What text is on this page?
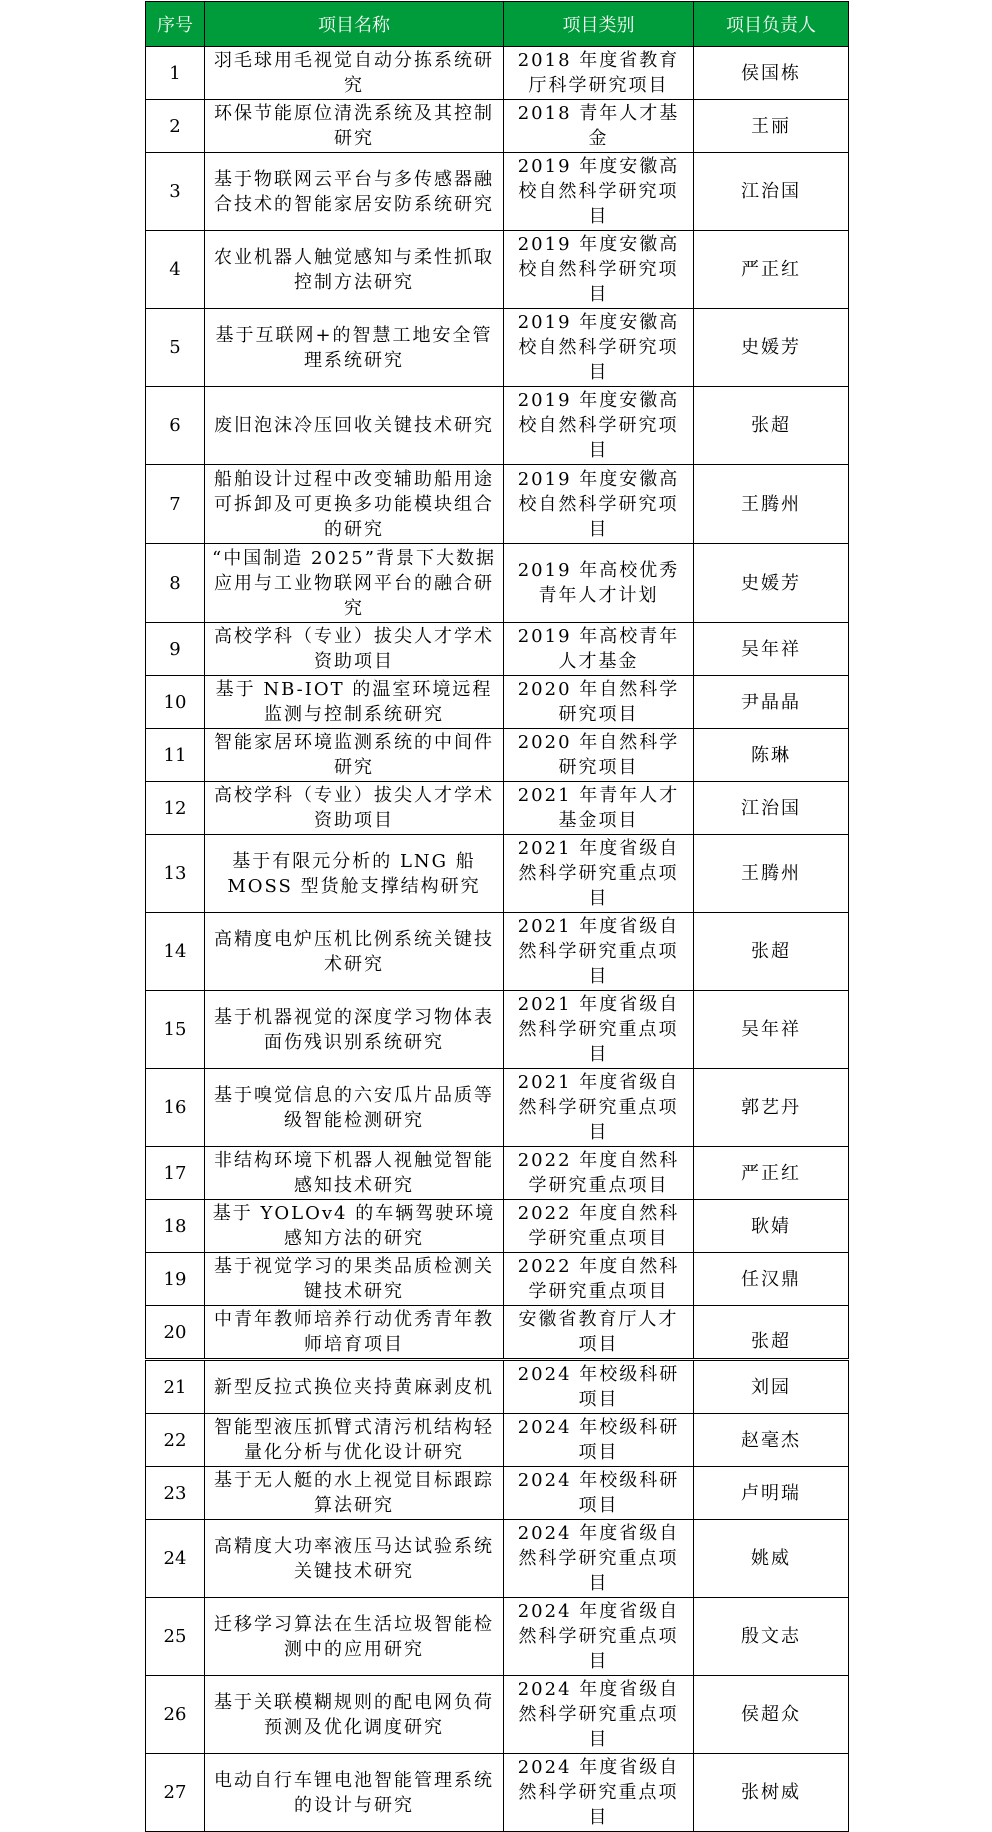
序号	项目名称	项目类别	项目负责人
1	羽毛球用毛视觉自动分拣系统研究	2018 年度省教育厅科学研究项目	侯国栋
2	环保节能原位清洗系统及其控制研究	2018 青年人才基金	王丽
3	基于物联网云平台与多传感器融合技术的智能家居安防系统研究	2019 年度安徽高校自然科学研究项目	江治国
4	农业机器人触觉感知与柔性抓取控制方法研究	2019 年度安徽高校自然科学研究项目	严正红
5	基于互联网+的智慧工地安全管理系统研究	2019 年度安徽高校自然科学研究项目	史媛芳
6	废旧泡沫冷压回收关键技术研究	2019 年度安徽高校自然科学研究项目	张超
7	船舶设计过程中改变辅助船用途可拆卸及可更换多功能模块组合的研究	2019 年度安徽高校自然科学研究项目	王腾州
8	“中国制造 2025”背景下大数据应用与工业物联网平台的融合研究	2019 年高校优秀青年人才计划	史媛芳
9	高校学科（专业）拔尖人才学术资助项目	2019 年高校青年人才基金	吴年祥
10	基于 NB-IOT 的温室环境远程监测与控制系统研究	2020 年自然科学研究项目	尹晶晶
11	智能家居环境监测系统的中间件研究	2020 年自然科学研究项目	陈琳
12	高校学科（专业）拔尖人才学术资助项目	2021 年青年人才基金项目	江治国
13	基于有限元分析的 LNG 船 MOSS 型货舱支撑结构研究	2021 年度省级自然科学研究重点项目	王腾州
14	高精度电炉压机比例系统关键技术研究	2021 年度省级自然科学研究重点项目	张超
15	基于机器视觉的深度学习物体表面伤残识别系统研究	2021 年度省级自然科学研究重点项目	吴年祥
16	基于嗅觉信息的六安瓜片品质等级智能检测研究	2021 年度省级自然科学研究重点项目	郭艺丹
17	非结构环境下机器人视触觉智能感知技术研究	2022 年度自然科学研究重点项目	严正红
18	基于 YOLOv4 的车辆驾驶环境感知方法的研究	2022 年度自然科学研究重点项目	耿婧
19	基于视觉学习的果类品质检测关键技术研究	2022 年度自然科学研究重点项目	任汉鼎
20	中青年教师培养行动优秀青年教师培育项目	安徽省教育厅人才项目	张超
21	新型反拉式换位夹持黄麻剥皮机	2024 年校级科研项目	刘园
22	智能型液压抓臂式清污机结构轻量化分析与优化设计研究	2024 年校级科研项目	赵毫杰
23	基于无人艇的水上视觉目标跟踪算法研究	2024 年校级科研项目	卢明瑞
24	高精度大功率液压马达试验系统关键技术研究	2024 年度省级自然科学研究重点项目	姚威
25	迁移学习算法在生活垃圾智能检测中的应用研究	2024 年度省级自然科学研究重点项目	殷文志
26	基于关联模糊规则的配电网负荷预测及优化调度研究	2024 年度省级自然科学研究重点项目	侯超众
27	电动自行车锂电池智能管理系统的设计与研究	2024 年度省级自然科学研究重点项目	张树威
